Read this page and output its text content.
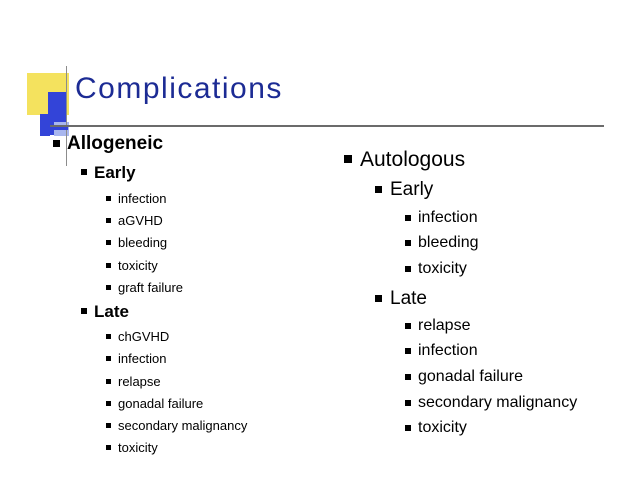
Complications
Allogeneic
Early
infection
aGVHD
bleeding
toxicity
graft failure
Late
chGVHD
infection
relapse
gonadal failure
secondary malignancy
toxicity
Autologous
Early
infection
bleeding
toxicity
Late
relapse
infection
gonadal failure
secondary malignancy
toxicity
